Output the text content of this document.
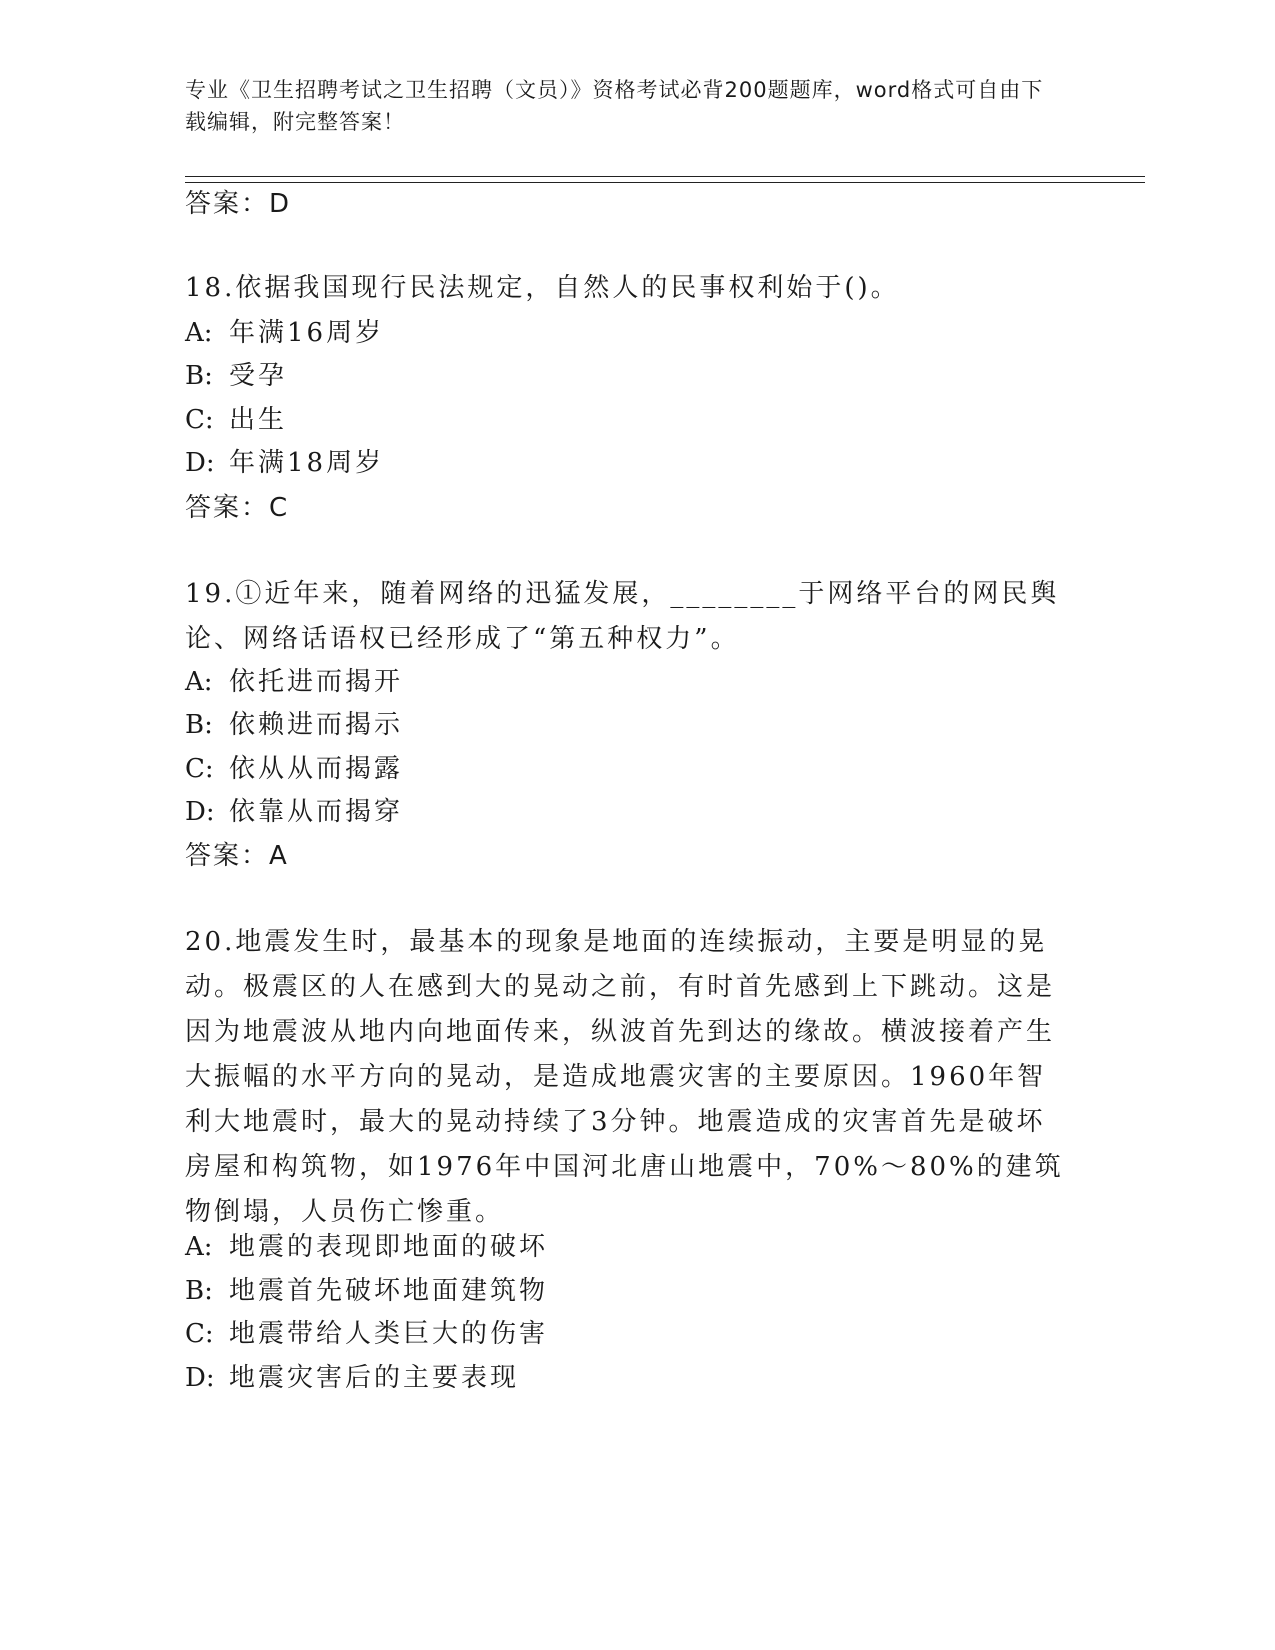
专业《卫生招聘考试之卫生招聘（文员）》资格考试必背200题题库，word格式可自由下载编辑，附完整答案！
答案：D
18.依据我国现行民法规定，自然人的民事权利始于()。
A: 年满16周岁
B: 受孕
C: 出生
D: 年满18周岁
答案：C
19.①近年来，随着网络的迅猛发展，________于网络平台的网民舆论、网络话语权已经形成了“第五种权力”。
A: 依托进而揭开
B: 依赖进而揭示
C: 依从从而揭露
D: 依靠从而揭穿
答案：A
20.地震发生时，最基本的现象是地面的连续振动，主要是明显的晃动。极震区的人在感到大的晃动之前，有时首先感到上下跳动。这是因为地震波从地内向地面传来，纵波首先到达的缘故。横波接着产生大振幅的水平方向的晃动，是造成地震灾害的主要原因。1960年智利大地震时，最大的晃动持续了3分钟。地震造成的灾害首先是破坏房屋和构筑物，如1976年中国河北唐山地震中，70%～80%的建筑物倒塌，人员伤亡惨重。
A: 地震的表现即地面的破坏
B: 地震首先破坏地面建筑物
C: 地震带给人类巨大的伤害
D: 地震灾害后的主要表现
